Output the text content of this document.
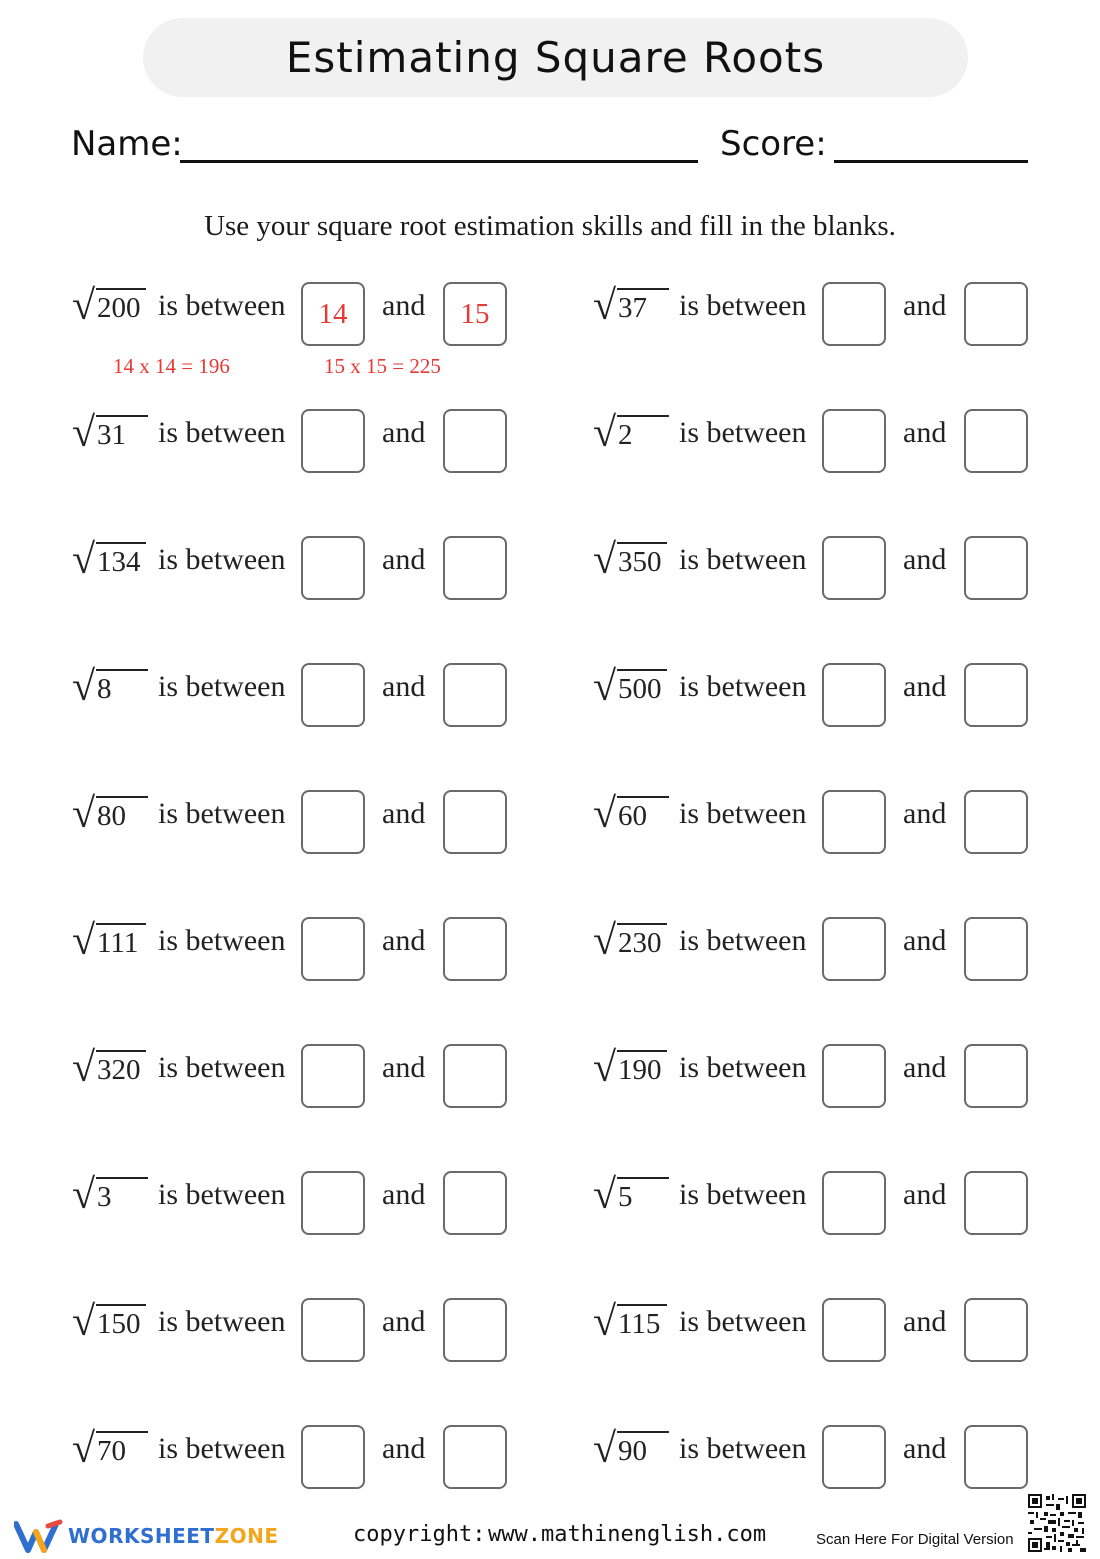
Estimating Square Roots
Name:	Score:
Use your square root estimation skills and fill in the blanks.
√ 200 is between	14	and	15	√ 37	is between	and
√ 31	is between	and	√ 2	is between	and
√ 134 is between	and	√ 350 is between	and
√ 8	is between	and	√ 500 is between	and
√ 80	is between	and	√ 60	is between	and
√ 111 is between	and	√ 230 is between	and
√ 320 is between	and	√ 190 is between	and
√ 3	is between	and	√ 5	is between	and
√ 150 is between	and	√ 115 is between	and
√ 70	is between	and	√ 90	is between	and
14 x 14 = 196	15 x 15 = 225
WORKSHEETZONE	copyright: www.mathinenglish.com	Scan Here For Digital Version
